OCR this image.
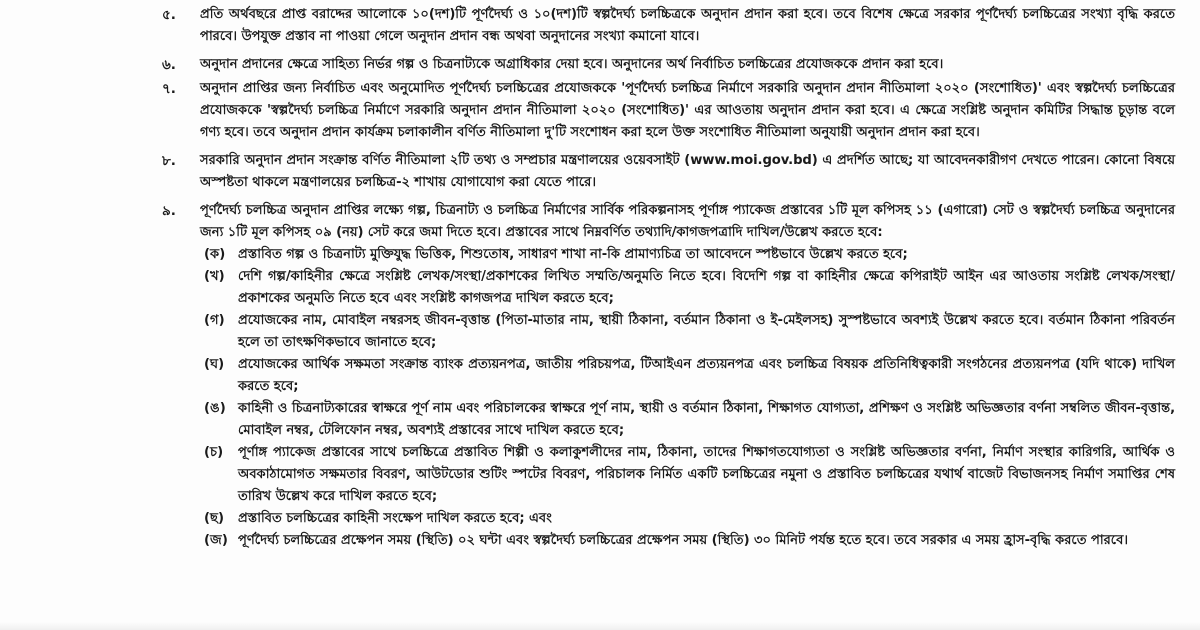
৫.	প্রতি অর্থবছরে প্রাপ্ত বরাদ্দের আলোকে ১০(দশ)টি পূর্ণদৈর্ঘ্য ও ১০(দশ)টি স্বল্পদৈর্ঘ্য চলচ্চিত্রকে অনুদান প্রদান করা হবে। তবে বিশেষ ক্ষেত্রে সরকার পূর্ণদৈর্ঘ্য চলচ্চিত্রের সংখ্যা বৃদ্ধি করতে পারবে। উপযুক্ত প্রস্তাব না পাওয়া গেলে অনুদান প্রদান বন্ধ অথবা অনুদানের সংখ্যা কমানো যাবে।
৬.	অনুদান প্রদানের ক্ষেত্রে সাহিত্য নির্ভর গল্প ও চিত্রনাট্যকে অগ্রাধিকার দেয়া হবে। অনুদানের অর্থ নির্বাচিত চলচ্চিত্রের প্রযোজককে প্রদান করা হবে।
৭.	অনুদান প্রাপ্তির জন্য নির্বাচিত এবং অনুমোদিত পূর্ণদৈর্ঘ্য চলচ্চিত্রের প্রযোজককে 'পূর্ণদৈর্ঘ্য চলচ্চিত্র নির্মাণে সরকারি অনুদান প্রদান নীতিমালা ২০২০ (সংশোধিত)' এবং স্বল্পদৈর্ঘ্য চলচ্চিত্রের প্রযোজককে 'স্বল্পদৈর্ঘ্য চলচ্চিত্র নির্মাণে সরকারি অনুদান প্রদান নীতিমালা ২০২০ (সংশোধিত)' এর আওতায় অনুদান প্রদান করা হবে। এ ক্ষেত্রে সংশ্লিষ্ট অনুদান কমিটির সিদ্ধান্ত চূড়ান্ত বলে গণ্য হবে। তবে অনুদান প্রদান কার্যক্রম চলাকালীন বর্ণিত নীতিমালা দু'টি সংশোধন করা হলে উক্ত সংশোধিত নীতিমালা অনুযায়ী অনুদান প্রদান করা হবে।
৮.	সরকারি অনুদান প্রদান সংক্রান্ত বর্ণিত নীতিমালা ২টি তথ্য ও সম্প্রচার মন্ত্রণালয়ের ওয়েবসাইট (www.moi.gov.bd) এ প্রদর্শিত আছে; যা আবেদনকারীগণ দেখতে পারেন। কোনো বিষয়ে অস্পষ্টতা থাকলে মন্ত্রণালয়ের চলচ্চিত্র-২ শাখায় যোগাযোগ করা যেতে পারে।
৯.	পূর্ণদৈর্ঘ্য চলচ্চিত্র অনুদান প্রাপ্তির লক্ষ্যে গল্প, চিত্রনাট্য ও চলচ্চিত্র নির্মাণের সার্বিক পরিকল্পনাসহ পূর্ণাঙ্গ প্যাকেজ প্রস্তাবের ১টি মূল কপিসহ ১১ (এগারো) সেট ও স্বল্পদৈর্ঘ্য চলচ্চিত্র অনুদানের জন্য ১টি মূল কপিসহ ০৯ (নয়) সেট করে জমা দিতে হবে। প্রস্তাবের সাথে নিম্নবর্ণিত তথ্যাদি/কাগজপত্রাদি দাখিল/উল্লেখ করতে হবে:
(ক) প্রস্তাবিত গল্প ও চিত্রনাট্য মুক্তিযুদ্ধ ভিত্তিক, শিশুতোষ, সাধারণ শাখা না-কি প্রামাণ্যচিত্র তা আবেদনে স্পষ্টভাবে উল্লেখ করতে হবে;
(খ)	দেশি গল্প/কাহিনীর ক্ষেত্রে সংশ্লিষ্ট লেখক/সংস্থা/প্রকাশকের লিখিত সম্মতি/অনুমতি নিতে হবে। বিদেশি গল্প বা কাহিনীর ক্ষেত্রে কপিরাইট আইন এর আওতায় সংশ্লিষ্ট লেখক/সংস্থা/প্রকাশকের অনুমতি নিতে হবে এবং সংশ্লিষ্ট কাগজপত্র দাখিল করতে হবে;
(গ)	প্রযোজকের নাম, মোবাইল নম্বরসহ জীবন-বৃত্তান্ত (পিতা-মাতার নাম, স্থায়ী ঠিকানা, বর্তমান ঠিকানা ও ই-মেইলসহ) সুস্পষ্টভাবে অবশ্যই উল্লেখ করতে হবে। বর্তমান ঠিকানা পরিবর্তন হলে তা তাৎক্ষণিকভাবে জানাতে হবে;
(ঘ)	প্রযোজকের আর্থিক সক্ষমতা সংক্রান্ত ব্যাংক প্রত্যয়নপত্র, জাতীয় পরিচয়পত্র, টিআইএন প্রত্যয়নপত্র এবং চলচ্চিত্র বিষয়ক প্রতিনিধিত্বকারী সংগঠনের প্রত্যয়নপত্র (যদি থাকে) দাখিল করতে হবে;
(ঙ) কাহিনী ও চিত্রনাট্যকারের স্বাক্ষরে পূর্ণ নাম এবং পরিচালকের স্বাক্ষরে পূর্ণ নাম, স্থায়ী ও বর্তমান ঠিকানা, শিক্ষাগত যোগ্যতা, প্রশিক্ষণ ও সংশ্লিষ্ট অভিজ্ঞতার বর্ণনা সম্বলিত জীবন-বৃত্তান্ত, মোবাইল নম্বর, টেলিফোন নম্বর, অবশ্যই প্রস্তাবের সাথে দাখিল করতে হবে;
(চ)	পূর্ণাঙ্গ প্যাকেজ প্রস্তাবের সাথে চলচ্চিত্রে প্রস্তাবিত শিল্পী ও কলাকুশলীদের নাম, ঠিকানা, তাদের শিক্ষাগতযোগ্যতা ও সংশ্লিষ্ট অভিজ্ঞতার বর্ণনা, নির্মাণ সংস্থার কারিগরি, আর্থিক ও অবকাঠামোগত সক্ষমতার বিবরণ, আউটডোর শুটিং স্পটের বিবরণ, পরিচালক নির্মিত একটি চলচ্চিত্রের নমুনা ও প্রস্তাবিত চলচ্চিত্রের যথার্থ বাজেট বিভাজনসহ নির্মাণ সমাপ্তির শেষ তারিখ উল্লেখ করে দাখিল করতে হবে;
(ছ)	প্রস্তাবিত চলচ্চিত্রের কাহিনী সংক্ষেপ দাখিল করতে হবে; এবং
(জ) পূর্ণদৈর্ঘ্য চলচ্চিত্রের প্রক্ষেপন সময় (স্থিতি) ০২ ঘন্টা এবং স্বল্পদৈর্ঘ্য চলচ্চিত্রের প্রক্ষেপন সময় (স্থিতি) ৩০ মিনিট পর্যন্ত হতে হবে। তবে সরকার এ সময় হ্রাস-বৃদ্ধি করতে পারবে।
